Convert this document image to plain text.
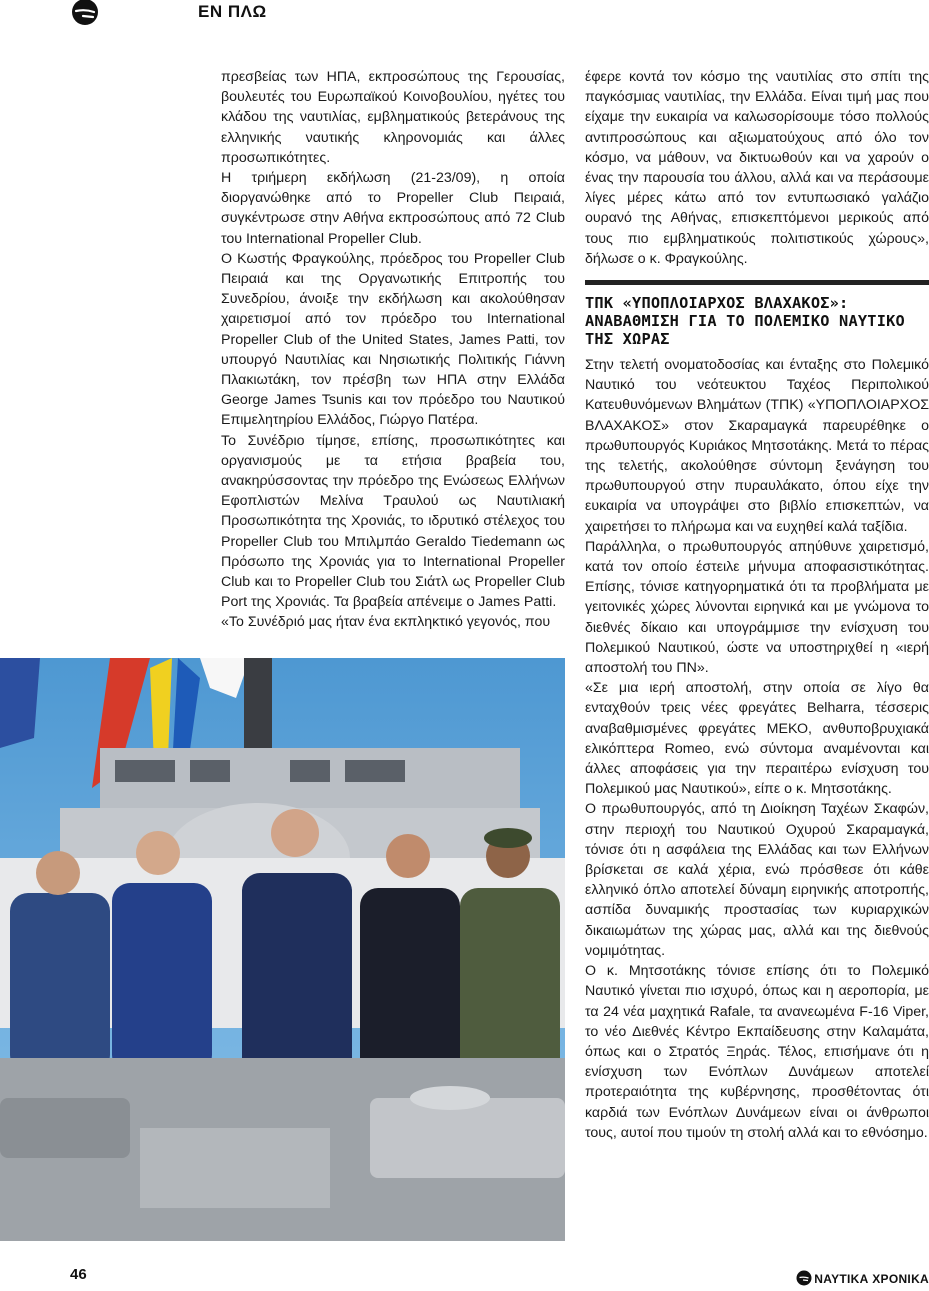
ΕΝ ΠΛΩ

πρεσβείας των ΗΠΑ, εκπροσώπους της Γερουσίας, βουλευτές του Ευρωπαϊκού Κοινοβουλίου, ηγέτες του κλάδου της ναυτιλίας, εμβληματικούς βετεράνους της ελληνικής ναυτικής κληρονομιάς και άλλες προσωπικότητες.

Η τριήμερη εκδήλωση (21-23/09), η οποία διοργανώθηκε από το Propeller Club Πειραιά, συγκέντρωσε στην Αθήνα εκπροσώπους από 72 Club του International Propeller Club.

Ο Κωστής Φραγκούλης, πρόεδρος του Propeller Club Πειραιά και της Οργανωτικής Επιτροπής του Συνεδρίου, άνοιξε την εκδήλωση και ακολούθησαν χαιρετισμοί από τον πρόεδρο του International Propeller Club of the United States, James Patti, τον υπουργό Ναυτιλίας και Νησιωτικής Πολιτικής Γιάννη Πλακιωτάκη, τον πρέσβη των ΗΠΑ στην Ελλάδα George James Tsunis και τον πρόεδρο του Ναυτικού Επιμελητηρίου Ελλάδος, Γιώργο Πατέρα.

Το Συνέδριο τίμησε, επίσης, προσωπικότητες και οργανισμούς με τα ετήσια βραβεία του, ανακηρύσσοντας την πρόεδρο της Ενώσεως Ελλήνων Εφοπλιστών Μελίνα Τραυλού ως Ναυτιλιακή Προσωπικότητα της Χρονιάς, το ιδρυτικό στέλεχος του Propeller Club του Μπιλμπάο Geraldo Tiedemann ως Πρόσωπο της Χρονιάς για το International Propeller Club και το Propeller Club του Σιάτλ ως Propeller Club Port της Χρονιάς. Τα βραβεία απένειμε ο James Patti.

«Το Συνέδριό μας ήταν ένα εκπληκτικό γεγονός, που

έφερε κοντά τον κόσμο της ναυτιλίας στο σπίτι της παγκόσμιας ναυτιλίας, την Ελλάδα. Είναι τιμή μας που είχαμε την ευκαιρία να καλωσορίσουμε τόσο πολλούς αντιπροσώπους και αξιωματούχους από όλο τον κόσμο, να μάθουν, να δικτυωθούν και να χαρούν ο ένας την παρουσία του άλλου, αλλά και να περάσουμε λίγες μέρες κάτω από τον εντυπωσιακό γαλάζιο ουρανό της Αθήνας, επισκεπτόμενοι μερικούς από τους πιο εμβληματικούς πολιτιστικούς χώρους», δήλωσε ο κ. Φραγκούλης.

ΤΠΚ «ΥΠΟΠΛΟΙΑΡΧΟΣ ΒΛΑΧΑΚΟΣ»:
ΑΝΑΒΑΘΜΙΣΗ ΓΙΑ ΤΟ ΠΟΛΕΜΙΚΟ ΝΑΥΤΙΚΟ
ΤΗΣ ΧΩΡΑΣ

Στην τελετή ονοματοδοσίας και ένταξης στο Πολεμικό Ναυτικό του νεότευκτου Ταχέος Περιπολικού Κατευθυνόμενων Βλημάτων (ΤΠΚ) «ΥΠΟΠΛΟΙΑΡΧΟΣ ΒΛΑΧΑΚΟΣ» στον Σκαραμαγκά παρευρέθηκε ο πρωθυπουργός Κυριάκος Μητσοτάκης. Μετά το πέρας της τελετής, ακολούθησε σύντομη ξενάγηση του πρωθυπουργού στην πυραυλάκατο, όπου είχε την ευκαιρία να υπογράψει στο βιβλίο επισκεπτών, να χαιρετήσει το πλήρωμα και να ευχηθεί καλά ταξίδια.

Παράλληλα, ο πρωθυπουργός απηύθυνε χαιρετισμό, κατά τον οποίο έστειλε μήνυμα αποφασιστικότητας. Επίσης, τόνισε κατηγορηματικά ότι τα προβλήματα με γειτονικές χώρες λύνονται ειρηνικά και με γνώμονα το διεθνές δίκαιο και υπογράμμισε την ενίσχυση του Πολεμικού Ναυτικού, ώστε να υποστηριχθεί η «ιερή αποστολή του ΠΝ».

«Σε μια ιερή αποστολή, στην οποία σε λίγο θα ενταχθούν τρεις νέες φρεγάτες Belharra, τέσσερις αναβαθμισμένες φρεγάτες ΜΕΚΟ, ανθυποβρυχιακά ελικόπτερα Romeo, ενώ σύντομα αναμένονται και άλλες αποφάσεις για την περαιτέρω ενίσχυση του Πολεμικού μας Ναυτικού», είπε ο κ. Μητσοτάκης.

Ο πρωθυπουργός, από τη Διοίκηση Ταχέων Σκαφών, στην περιοχή του Ναυτικού Οχυρού Σκαραμαγκά, τόνισε ότι η ασφάλεια της Ελλάδας και των Ελλήνων βρίσκεται σε καλά χέρια, ενώ πρόσθεσε ότι κάθε ελληνικό όπλο αποτελεί δύναμη ειρηνικής αποτροπής, ασπίδα δυναμικής προστασίας των κυριαρχικών δικαιωμάτων της χώρας μας, αλλά και της διεθνούς νομιμότητας.

Ο κ. Μητσοτάκης τόνισε επίσης ότι το Πολεμικό Ναυτικό γίνεται πιο ισχυρό, όπως και η αεροπορία, με τα 24 νέα μαχητικά Rafale, τα ανανεωμένα F-16 Viper, το νέο Διεθνές Κέντρο Εκπαίδευσης στην Καλαμάτα, όπως και ο Στρατός Ξηράς. Τέλος, επισήμανε ότι η ενίσχυση των Ενόπλων Δυνάμεων αποτελεί προτεραιότητα της κυβέρνησης, προσθέτοντας ότι καρδιά των Ενόπλων Δυνάμεων είναι οι άνθρωποι τους, αυτοί που τιμούν τη στολή αλλά και το εθνόσημο.

46	ΝΑΥΤΙΚΑ ΧΡΟΝΙΚΑ
